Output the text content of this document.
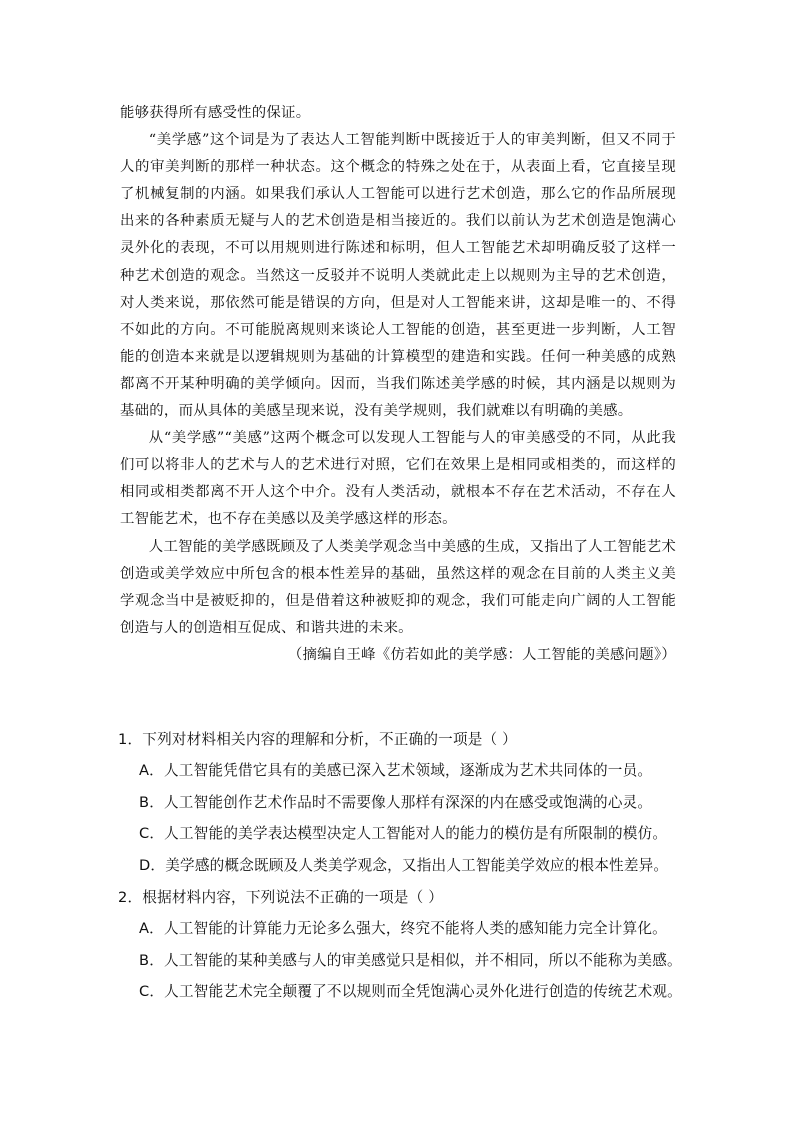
能够获得所有感受性的保证。

“美学感”这个词是为了表达人工智能判断中既接近于人的审美判断，但又不同于人的审美判断的那样一种状态。这个概念的特殊之处在于，从表面上看，它直接呈现了机械复制的内涵。如果我们承认人工智能可以进行艺术创造，那么它的作品所展现出来的各种素质无疑与人的艺术创造是相当接近的。我们以前认为艺术创造是饱满心灵外化的表现，不可以用规则进行陈述和标明，但人工智能艺术却明确反驳了这样一种艺术创造的观念。当然这一反驳并不说明人类就此走上以规则为主导的艺术创造，对人类来说，那依然可能是错误的方向，但是对人工智能来讲，这却是唯一的、不得不如此的方向。不可能脱离规则来谈论人工智能的创造，甚至更进一步判断，人工智能的创造本来就是以逻辑规则为基础的计算模型的建造和实践。任何一种美感的成熟都离不开某种明确的美学倾向。因而，当我们陈述美学感的时候，其内涵是以规则为基础的，而从具体的美感呈现来说，没有美学规则，我们就难以有明确的美感。

从“美学感”“美感”这两个概念可以发现人工智能与人的审美感受的不同，从此我们可以将非人的艺术与人的艺术进行对照，它们在效果上是相同或相类的，而这样的相同或相类都离不开人这个中介。没有人类活动，就根本不存在艺术活动，不存在人工智能艺术，也不存在美感以及美学感这样的形态。

人工智能的美学感既顾及了人类美学观念当中美感的生成，又指出了人工智能艺术创造或美学效应中所包含的根本性差异的基础，虽然这样的观念在目前的人类主义美学观念当中是被贬抑的，但是借着这种被贬抑的观念，我们可能走向广阔的人工智能创造与人的创造相互促成、和谐共进的未来。

（摘编自王峰《仿若如此的美学感：人工智能的美感问题》）

1．下列对材料相关内容的理解和分析，不正确的一项是（ ）
A．人工智能凭借它具有的美感已深入艺术领域，逐渐成为艺术共同体的一员。
B．人工智能创作艺术作品时不需要像人那样有深深的内在感受或饱满的心灵。
C．人工智能的美学表达模型决定人工智能对人的能力的模仿是有所限制的模仿。
D．美学感的概念既顾及人类美学观念，又指出人工智能美学效应的根本性差异。
2．根据材料内容，下列说法不正确的一项是（ ）
A．人工智能的计算能力无论多么强大，终究不能将人类的感知能力完全计算化。
B．人工智能的某种美感与人的审美感觉只是相似，并不相同，所以不能称为美感。
C．人工智能艺术完全颠覆了不以规则而全凭饱满心灵外化进行创造的传统艺术观。
